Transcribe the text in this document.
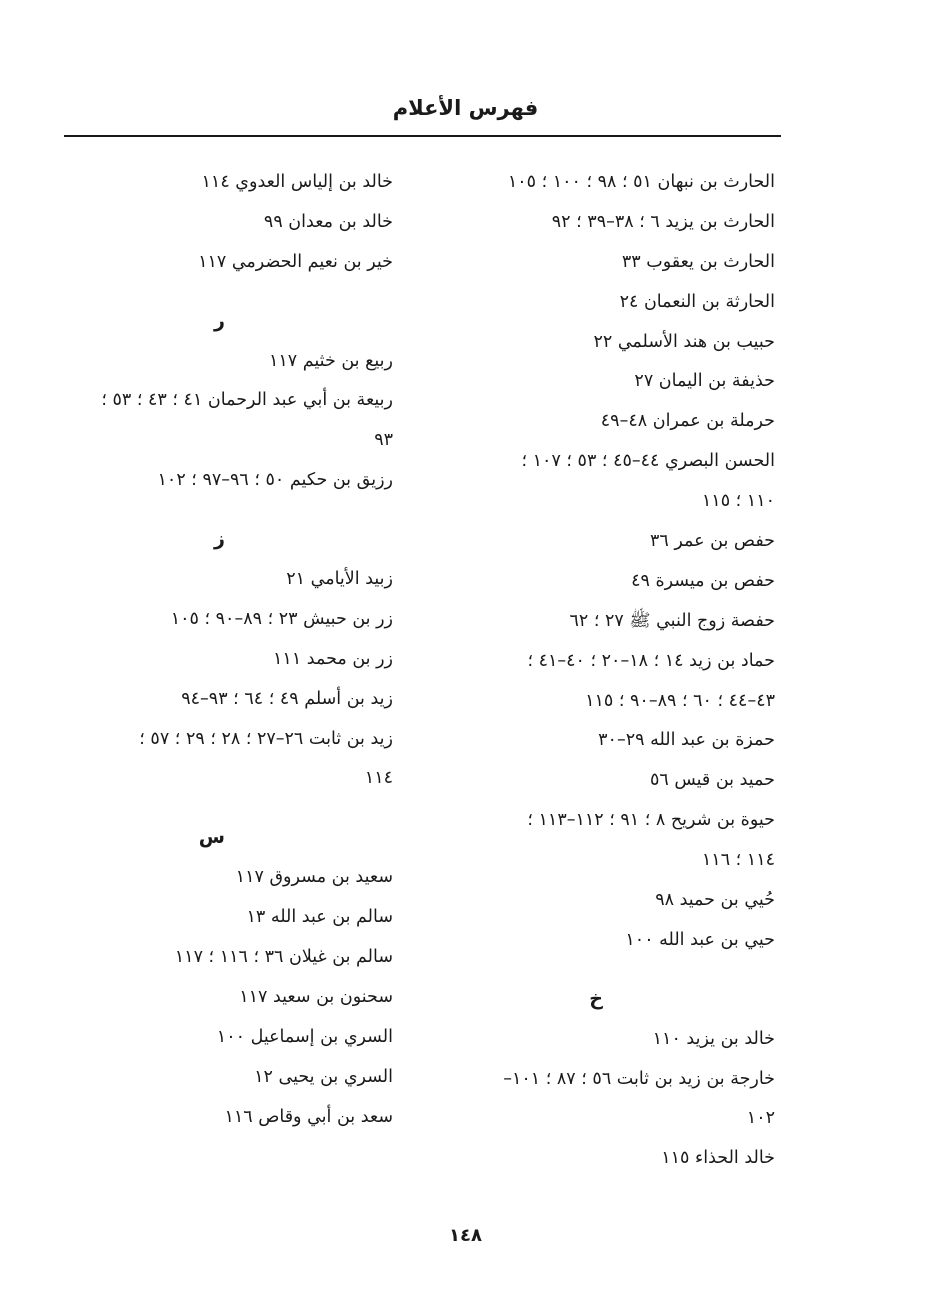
فهرس الأعلام
الحارث بن نبهان ٥١ ؛ ٩٨ ؛ ١٠٠ ؛ ١٠٥
الحارث بن يزيد ٦ ؛ ٣٨–٣٩ ؛ ٩٢
الحارث بن يعقوب ٣٣
الحارثة بن النعمان ٢٤
حبيب بن هند الأسلمي ٢٢
حذيفة بن اليمان ٢٧
حرملة بن عمران ٤٨–٤٩
الحسن البصري ٤٤–٤٥ ؛ ٥٣ ؛ ١٠٧ ؛
١١٠ ؛ ١١٥
حفص بن عمر ٣٦
حفص بن ميسرة ٤٩
حفصة زوج النبي ﷺ ٢٧ ؛ ٦٢
حماد بن زيد ١٤ ؛ ١٨–٢٠ ؛ ٤٠–٤١ ؛
٤٣–٤٤ ؛ ٦٠ ؛ ٨٩–٩٠ ؛ ١١٥
حمزة بن عبد الله ٢٩–٣٠
حميد بن قيس ٥٦
حيوة بن شريح ٨ ؛ ٩١ ؛ ١١٢–١١٣ ؛
١١٤ ؛ ١١٦
حُيي بن حميد ٩٨
حيي بن عبد الله ١٠٠
خ
خالد بن يزيد ١١٠
خارجة بن زيد بن ثابت ٥٦ ؛ ٨٧ ؛ ١٠١–
١٠٢
خالد الحذاء ١١٥
خالد بن إلياس العدوي ١١٤
خالد بن معدان ٩٩
خير بن نعيم الحضرمي ١١٧
ر
ربيع بن خثيم ١١٧
ربيعة بن أبي عبد الرحمان ٤١ ؛ ٤٣ ؛ ٥٣ ؛
٩٣
رزيق بن حكيم ٥٠ ؛ ٩٦–٩٧ ؛ ١٠٢
ز
زبيد الأيامي ٢١
زر بن حبيش ٢٣ ؛ ٨٩–٩٠ ؛ ١٠٥
زر بن محمد ١١١
زيد بن أسلم ٤٩ ؛ ٦٤ ؛ ٩٣–٩٤
زيد بن ثابت ٢٦–٢٧ ؛ ٢٨ ؛ ٢٩ ؛ ٥٧ ؛
١١٤
س
سعيد بن مسروق ١١٧
سالم بن عبد الله ١٣
سالم بن غيلان ٣٦ ؛ ١١٦ ؛ ١١٧
سحنون بن سعيد ١١٧
السري بن إسماعيل ١٠٠
السري بن يحيى ١٢
سعد بن أبي وقاص ١١٦
١٤٨
